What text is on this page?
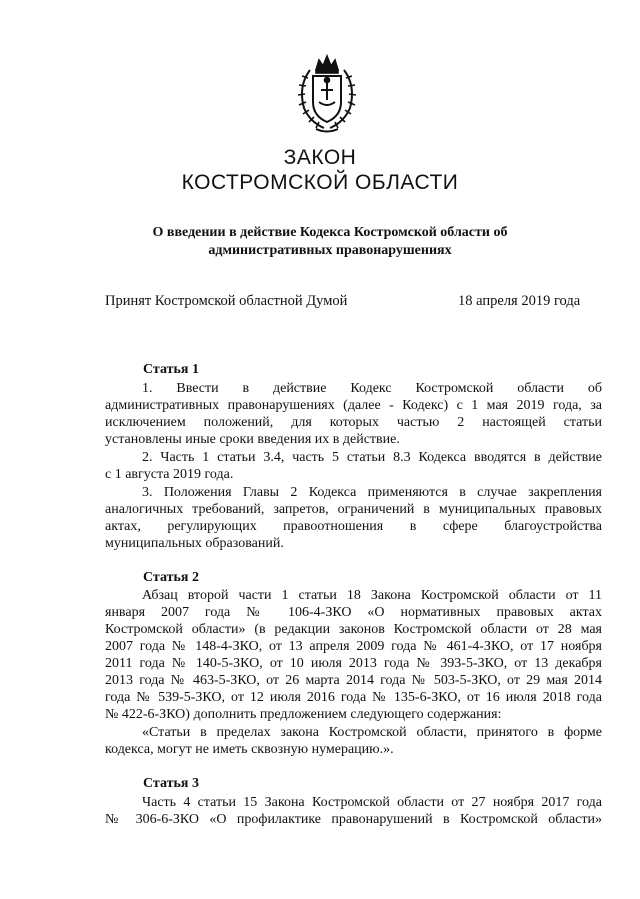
ЗАКОН
КОСТРОМСКОЙ ОБЛАСТИ
О введении в действие Кодекса Костромской области об
административных правонарушениях
Принят Костромской областной Думой	18 апреля 2019 года
Статья 1
1. Ввести в действие Кодекс Костромской области об
административных правонарушениях (далее - Кодекс) с 1 мая 2019 года, за
исключением положений, для которых частью 2 настоящей статьи
установлены иные сроки введения их в действие.
2. Часть 1 статьи 3.4, часть 5 статьи 8.3 Кодекса вводятся в действие
с 1 августа 2019 года.
3. Положения Главы 2 Кодекса применяются в случае закрепления
аналогичных требований, запретов, ограничений в муниципальных правовых
актах, регулирующих правоотношения в сфере благоустройства
муниципальных образований.
Статья 2
Абзац второй части 1 статьи 18 Закона Костромской области от 11
января 2007 года № 106-4-ЗКО «О нормативных правовых актах
Костромской области» (в редакции законов Костромской области от 28 мая
2007 года № 148-4-ЗКО, от 13 апреля 2009 года № 461-4-ЗКО, от 17 ноября
2011 года № 140-5-ЗКО, от 10 июля 2013 года № 393-5-ЗКО, от 13 декабря
2013 года № 463-5-ЗКО, от 26 марта 2014 года № 503-5-ЗКО, от 29 мая 2014
года № 539-5-ЗКО, от 12 июля 2016 года № 135-6-ЗКО, от 16 июля 2018 года
№ 422-6-ЗКО) дополнить предложением следующего содержания:
«Статьи в пределах закона Костромской области, принятого в форме
кодекса, могут не иметь сквозную нумерацию.».
Статья 3
Часть 4 статьи 15 Закона Костромской области от 27 ноября 2017 года
№ 306-6-ЗКО «О профилактике правонарушений в Костромской области»
